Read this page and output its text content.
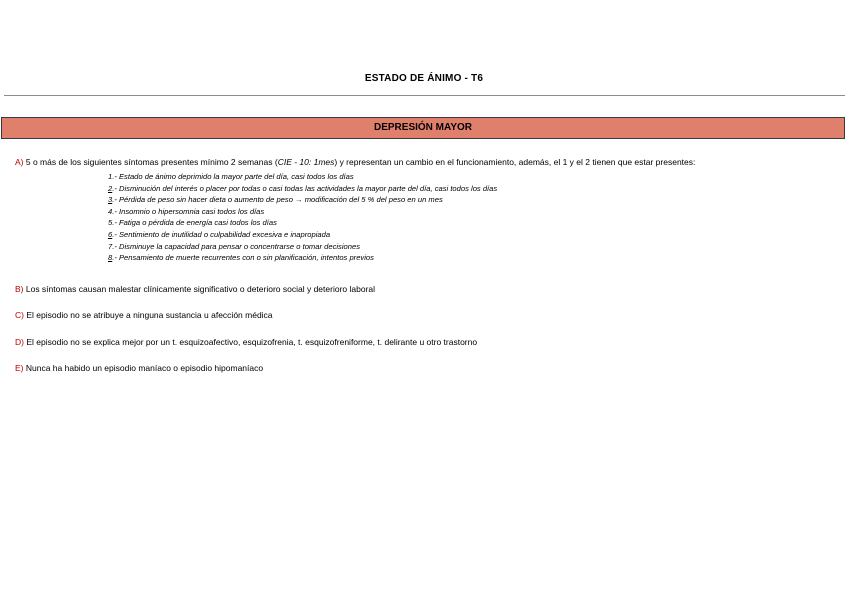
ESTADO DE ÁNIMO - T6
DEPRESIÓN MAYOR
A) 5 o más de los siguientes síntomas presentes mínimo 2 semanas (CIE - 10: 1mes) y representan un cambio en el funcionamiento, además, el 1 y el 2 tienen que estar presentes:
1.- Estado de ánimo deprimido la mayor parte del día, casi todos los días
2.- Disminución del interés o placer por todas o casi todas las actividades la mayor parte del día, casi todos los días
3.- Pérdida de peso sin hacer dieta o aumento de peso → modificación del 5 % del peso en un mes
4.- Insomnio o hipersomnia casi todos los días
5.- Fatiga o pérdida de energía casi todos los días
6.- Sentimiento de inutilidad o culpabilidad excesiva e inapropiada
7.- Disminuye la capacidad para pensar o concentrarse o tomar decisiones
8.- Pensamiento de muerte recurrentes con o sin planificación, intentos previos
B) Los síntomas causan malestar clínicamente significativo o deterioro social y deterioro laboral
C) El episodio no se atribuye a ninguna sustancia u afección médica
D) El episodio no se explica mejor por un t. esquizoafectivo, esquizofrenia, t. esquizofreniforme, t. delirante u otro trastorno
E) Nunca ha habido un episodio maníaco o episodio hipomaníaco
